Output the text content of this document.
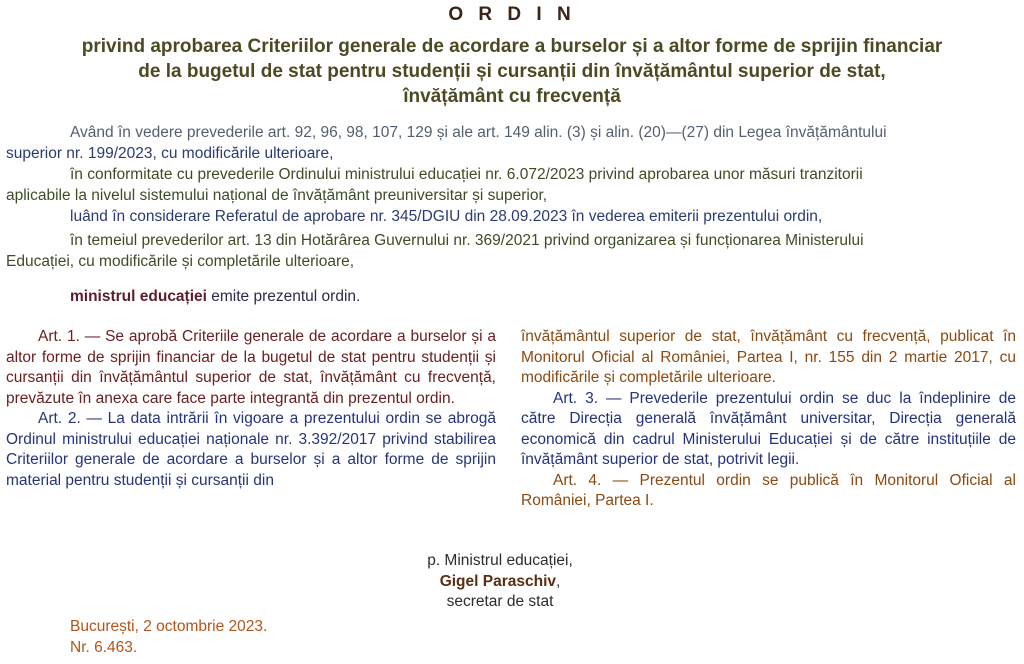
O R D I N
privind aprobarea Criteriilor generale de acordare a burselor și a altor forme de sprijin financiar
de la bugetul de stat pentru studenții și cursanții din învățământul superior de stat,
învățământ cu frecvență
Având în vedere prevederile art. 92, 96, 98, 107, 129 și ale art. 149 alin. (3) și alin. (20)—(27) din Legea învățământului
superior nr. 199/2023, cu modificările ulterioare,
în conformitate cu prevederile Ordinului ministrului educației nr. 6.072/2023 privind aprobarea unor măsuri tranzitorii
aplicabile la nivelul sistemului național de învățământ preuniversitar și superior,
luând în considerare Referatul de aprobare nr. 345/DGIU din 28.09.2023 în vederea emiterii prezentului ordin,
în temeiul prevederilor art. 13 din Hotărârea Guvernului nr. 369/2021 privind organizarea și funcționarea Ministerului
Educației, cu modificările și completările ulterioare,
ministrul educației emite prezentul ordin.
Art. 1. — Se aprobă Criteriile generale de acordare a burselor și a altor forme de sprijin financiar de la bugetul de stat pentru studenții și cursanții din învățământul superior de stat, învățământ cu frecvență, prevăzute în anexa care face parte integrantă din prezentul ordin.
Art. 2. — La data intrării în vigoare a prezentului ordin se abrogă Ordinul ministrului educației naționale nr. 3.392/2017 privind stabilirea Criteriilor generale de acordare a burselor și a altor forme de sprijin material pentru studenții și cursanții din
învățământul superior de stat, învățământ cu frecvență, publicat în Monitorul Oficial al României, Partea I, nr. 155 din 2 martie 2017, cu modificările și completările ulterioare.
Art. 3. — Prevederile prezentului ordin se duc la îndeplinire de către Direcția generală învățământ universitar, Direcția generală economică din cadrul Ministerului Educației și de către instituțiile de învățământ superior de stat, potrivit legii.
Art. 4. — Prezentul ordin se publică în Monitorul Oficial al României, Partea I.
p. Ministrul educației,
Gigel Paraschiv,
secretar de stat
București, 2 octombrie 2023.
Nr. 6.463.
